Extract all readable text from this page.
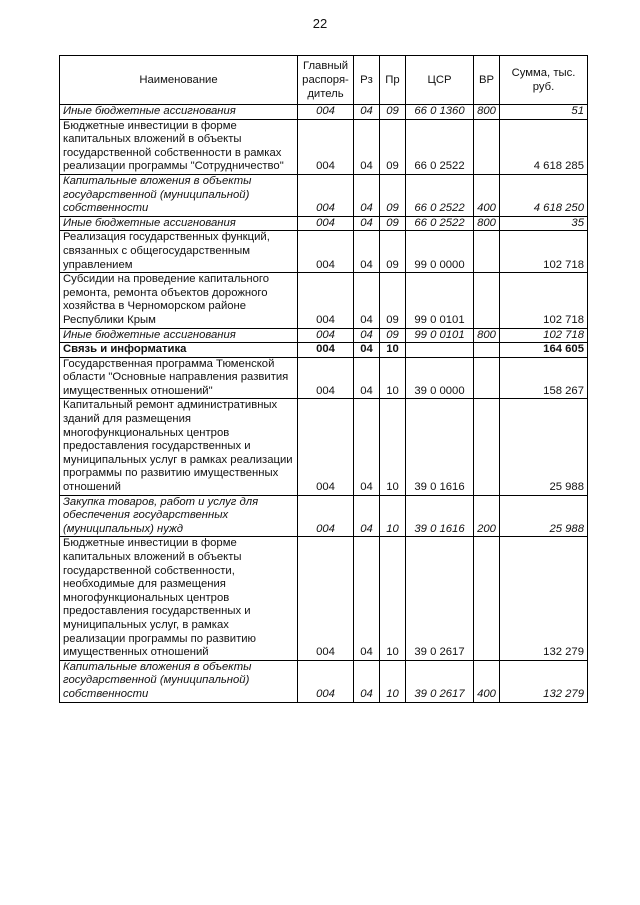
22
Наименование	Главный распоря-дитель	Рз	Пр	ЦСР	ВР	Сумма, тыс. руб.
Иные бюджетные ассигнования	004	04	09	66 0 1360	800	51
Бюджетные инвестиции в форме капитальных вложений в объекты государственной собственности в рамках реализации программы "Сотрудничество"	004	04	09	66 0 2522		4 618 285
Капитальные вложения в объекты государственной (муниципальной) собственности	004	04	09	66 0 2522	400	4 618 250
Иные бюджетные ассигнования	004	04	09	66 0 2522	800	35
Реализация государственных функций, связанных с общегосударственным управлением	004	04	09	99 0 0000		102 718
Субсидии на проведение капитального ремонта, ремонта объектов дорожного хозяйства в Черноморском районе Республики Крым	004	04	09	99 0 0101		102 718
Иные бюджетные ассигнования	004	04	09	99 0 0101	800	102 718
Связь и информатика	004	04	10			164 605
Государственная программа Тюменской области "Основные направления развития имущественных отношений"	004	04	10	39 0 0000		158 267
Капитальный ремонт административных зданий для размещения многофункциональных центров предоставления государственных и муниципальных услуг в рамках реализации программы по развитию имущественных отношений	004	04	10	39 0 1616		25 988
Закупка товаров, работ и услуг для обеспечения государственных (муниципальных) нужд	004	04	10	39 0 1616	200	25 988
Бюджетные инвестиции в форме капитальных вложений в объекты государственной собственности, необходимые для размещения многофункциональных центров предоставления государственных и муниципальных услуг, в рамках реализации программы по развитию имущественных отношений	004	04	10	39 0 2617		132 279
Капитальные вложения в объекты государственной (муниципальной) собственности	004	04	10	39 0 2617	400	132 279
